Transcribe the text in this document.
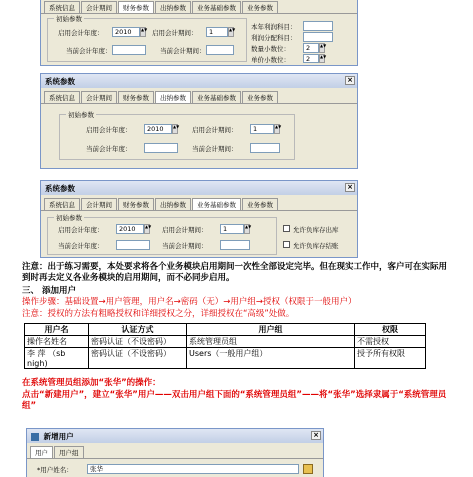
系统信息	会计期间	财务参数	出纳参数	业务基础参数	业务参数
初始参数
启用会计年度：	2010	▲▼ 启用会计期间：	1	▲▼
当前会计年度：	当前会计期间：
本年利润科目：
利润分配科目：
数量小数位：	2	▲▼
单价小数位：	2	▲▼
系统参数	×
系统信息	会计期间	财务参数	出纳参数	业务基础参数	业务参数
初始参数
启用会计年度：	2010	▲▼ 启用会计期间：	1	▲▼
当前会计年度：	当前会计期间：
系统参数	×
系统信息	会计期间	财务参数	出纳参数	业务基础参数	业务参数
初始参数
启用会计年度：	2010	▲▼ 启用会计期间：	1	▲▼
当前会计年度：	当前会计期间：
允许负库存出库
允许负库存结账

注意：出于练习需要，本处要求将各个业务模块启用期间一次性全部设定完毕。但在现实工作中，客户可在实际用到时再去定义各业务模块的启用期间，而不必同步启用。

三、 添加用户

操作步骤：基础设置→用户管理，用户名→密码（无）→用户组→授权（权限于一般用户）

注意：授权的方法有粗略授权和详细授权之分，详细授权在“高级”处做。

用户名	认证方式	用户组	权限
操作名姓名	密码认证（不设密码）	系统管理员组	不需授权
李 萍 （sb nigh)	密码认证（不设密码）	Users（一般用户组）	授予所有权限

在系统管理员组添加“张华”的操作：

点击“新建用户”，建立“张华”用户——双击用户组下面的“系统管理员组”——将“张华”选择隶属于“系统管理员组”

新增用户	×
用户	用户组
*用户姓名：	张华
